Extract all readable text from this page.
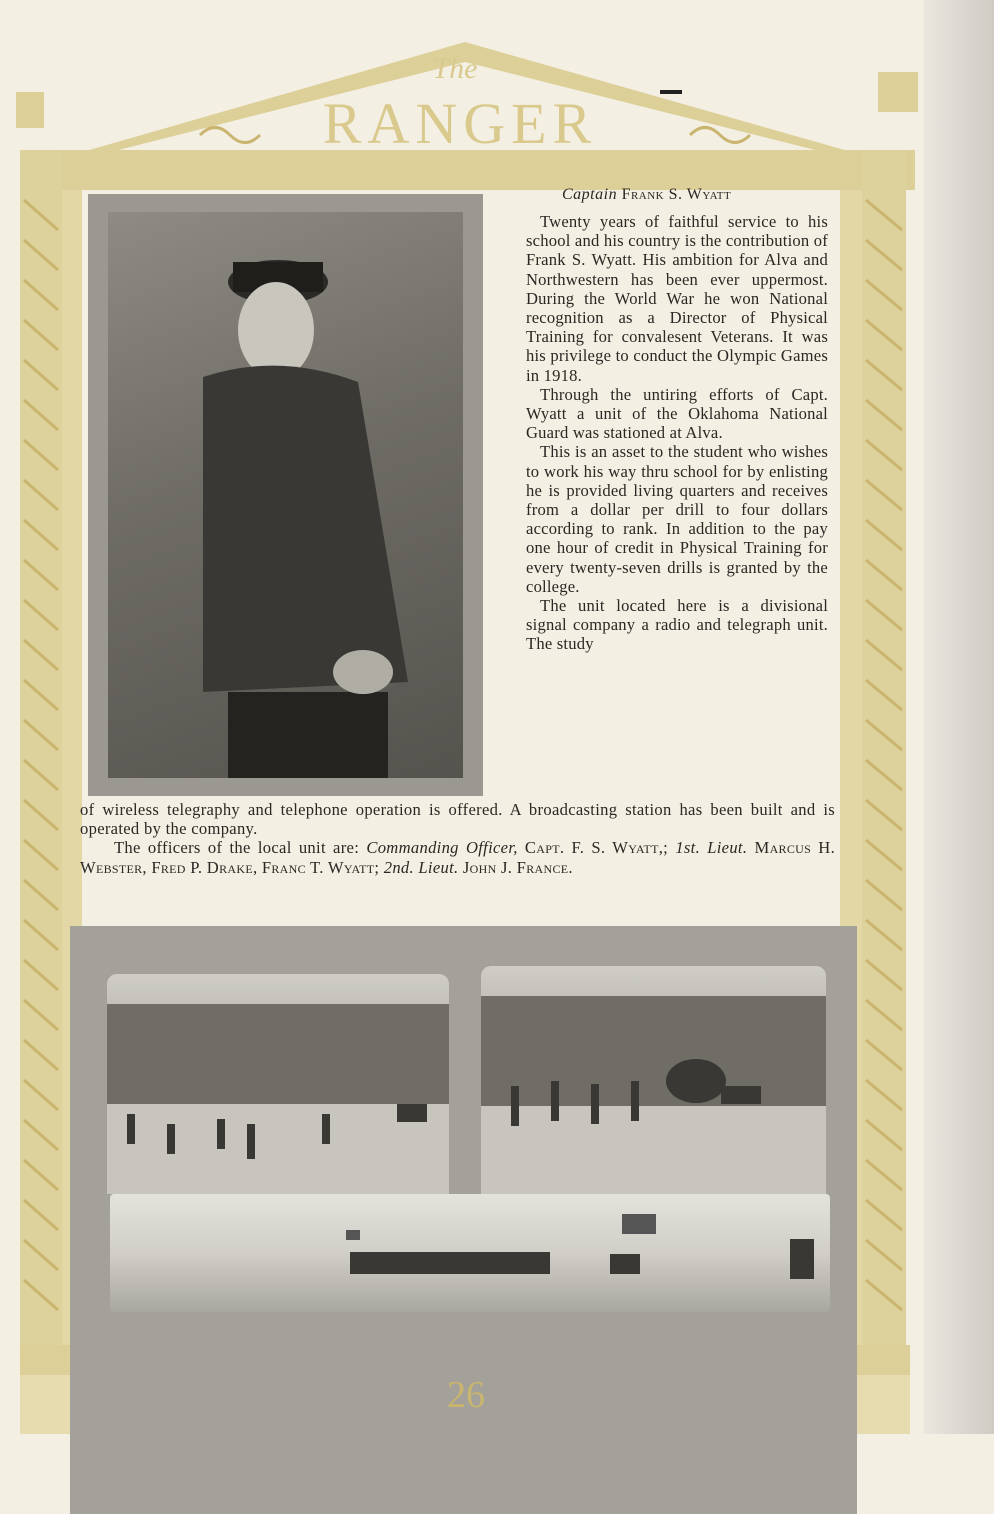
The
RANGER
Captain Frank S. Wyatt

Twenty years of faithful service to his school and his country is the contribution of Frank S. Wyatt. His ambition for Alva and Northwestern has been ever uppermost. During the World War he won National recognition as a Director of Physical Training for convalesent Veterans. It was his privilege to conduct the Olympic Games in 1918.

Through the untiring efforts of Capt. Wyatt a unit of the Oklahoma National Guard was stationed at Alva.

This is an asset to the student who wishes to work his way thru school for by enlisting he is provided living quarters and receives from a dollar per drill to four dollars according to rank. In addition to the pay one hour of credit in Physical Training for every twenty-seven drills is granted by the college.

The unit located here is a divisional signal company a radio and telegraph unit. The study

of wireless telegraphy and telephone operation is offered. A broadcasting station has been built and is operated by the company.

The officers of the local unit are: Commanding Officer, Capt. F. S. Wyatt,; 1st. Lieut. Marcus H. Webster, Fred P. Drake, Franc T. Wyatt; 2nd. Lieut. John J. France.

26
